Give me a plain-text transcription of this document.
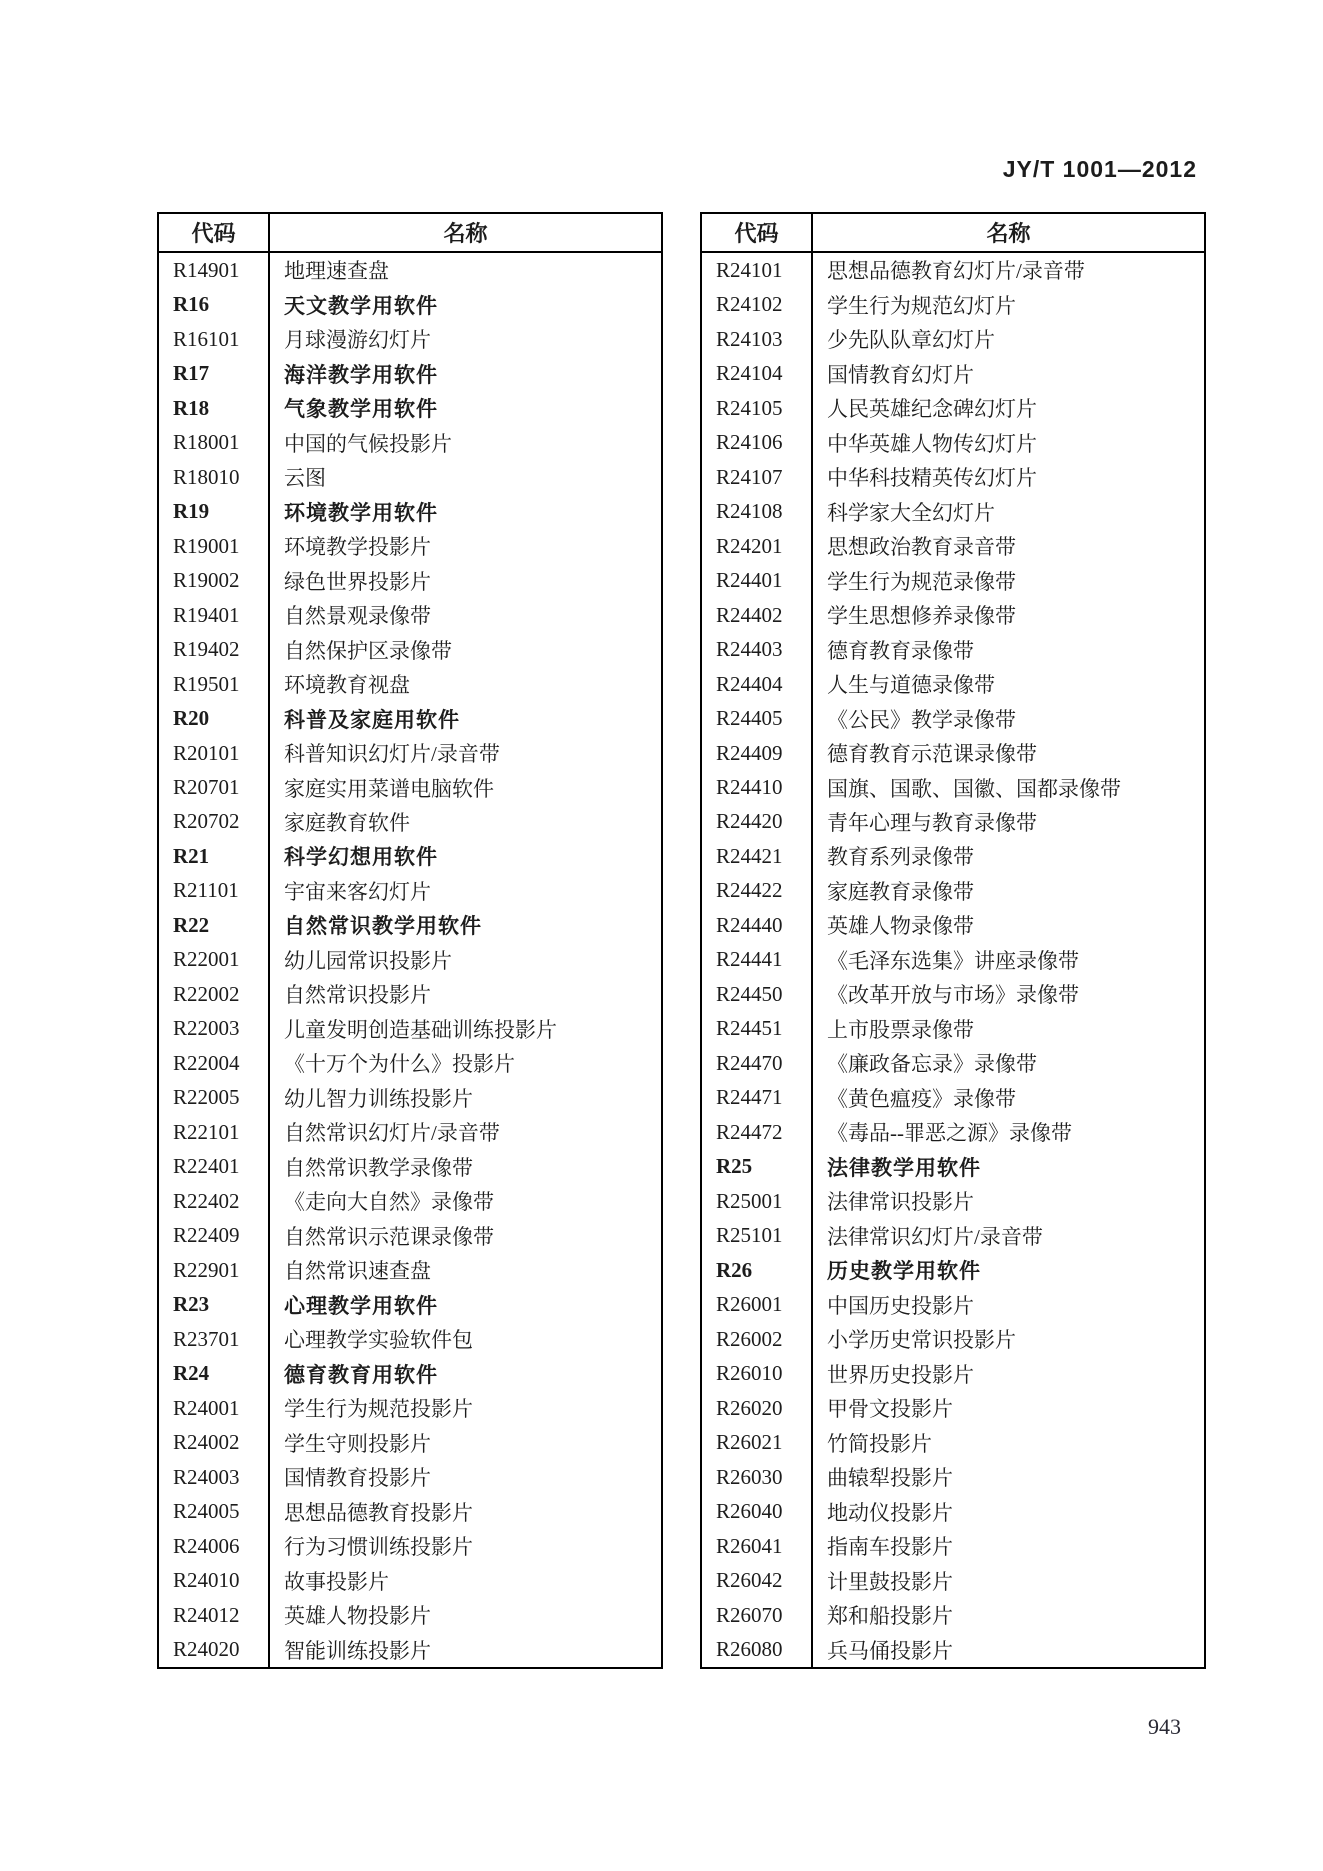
JY/T 1001—2012
代码	名称
R14901	地理速查盘
R16	天文教学用软件
R16101	月球漫游幻灯片
R17	海洋教学用软件
R18	气象教学用软件
R18001	中国的气候投影片
R18010	云图
R19	环境教学用软件
R19001	环境教学投影片
R19002	绿色世界投影片
R19401	自然景观录像带
R19402	自然保护区录像带
R19501	环境教育视盘
R20	科普及家庭用软件
R20101	科普知识幻灯片/录音带
R20701	家庭实用菜谱电脑软件
R20702	家庭教育软件
R21	科学幻想用软件
R21101	宇宙来客幻灯片
R22	自然常识教学用软件
R22001	幼儿园常识投影片
R22002	自然常识投影片
R22003	儿童发明创造基础训练投影片
R22004	《十万个为什么》投影片
R22005	幼儿智力训练投影片
R22101	自然常识幻灯片/录音带
R22401	自然常识教学录像带
R22402	《走向大自然》录像带
R22409	自然常识示范课录像带
R22901	自然常识速查盘
R23	心理教学用软件
R23701	心理教学实验软件包
R24	德育教育用软件
R24001	学生行为规范投影片
R24002	学生守则投影片
R24003	国情教育投影片
R24005	思想品德教育投影片
R24006	行为习惯训练投影片
R24010	故事投影片
R24012	英雄人物投影片
R24020	智能训练投影片
代码	名称
R24101	思想品德教育幻灯片/录音带
R24102	学生行为规范幻灯片
R24103	少先队队章幻灯片
R24104	国情教育幻灯片
R24105	人民英雄纪念碑幻灯片
R24106	中华英雄人物传幻灯片
R24107	中华科技精英传幻灯片
R24108	科学家大全幻灯片
R24201	思想政治教育录音带
R24401	学生行为规范录像带
R24402	学生思想修养录像带
R24403	德育教育录像带
R24404	人生与道德录像带
R24405	《公民》教学录像带
R24409	德育教育示范课录像带
R24410	国旗、国歌、国徽、国都录像带
R24420	青年心理与教育录像带
R24421	教育系列录像带
R24422	家庭教育录像带
R24440	英雄人物录像带
R24441	《毛泽东选集》讲座录像带
R24450	《改革开放与市场》录像带
R24451	上市股票录像带
R24470	《廉政备忘录》录像带
R24471	《黄色瘟疫》录像带
R24472	《毒品--罪恶之源》录像带
R25	法律教学用软件
R25001	法律常识投影片
R25101	法律常识幻灯片/录音带
R26	历史教学用软件
R26001	中国历史投影片
R26002	小学历史常识投影片
R26010	世界历史投影片
R26020	甲骨文投影片
R26021	竹简投影片
R26030	曲辕犁投影片
R26040	地动仪投影片
R26041	指南车投影片
R26042	计里鼓投影片
R26070	郑和船投影片
R26080	兵马俑投影片
943
